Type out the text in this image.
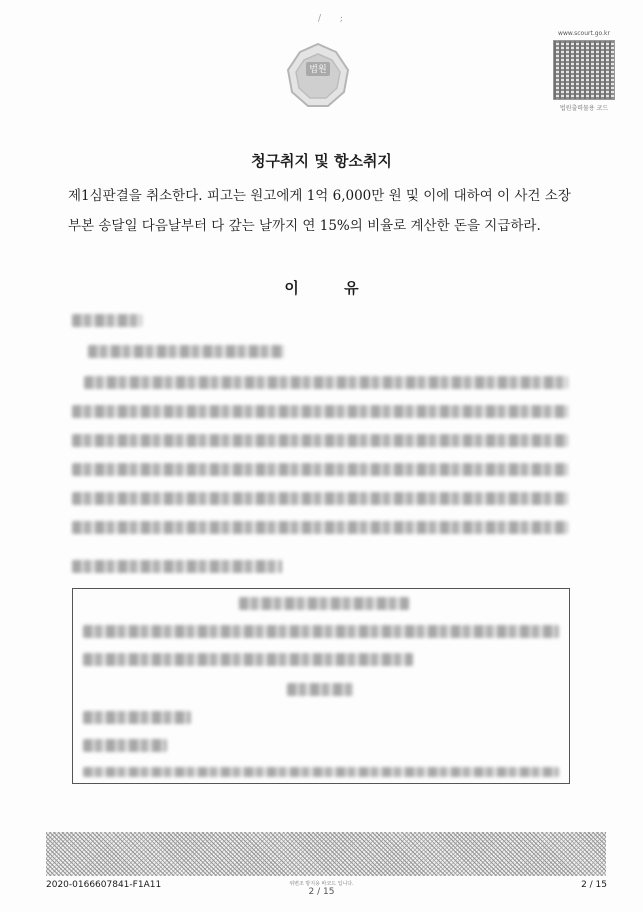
/ ;
법원
www.scourt.go.kr
법원출력물용 코드
청구취지 및 항소취지
제1심판결을 취소한다. 피고는 원고에게 1억 6,000만 원 및 이에 대하여 이 사건 소장 부본 송달일 다음날부터 다 갚는 날까지 연 15%의 비율로 계산한 돈을 지급하라.
이 유
2020-0166607841-F1A11	위변조 방지용 바코드 입니다.
2 / 15
2 / 15
